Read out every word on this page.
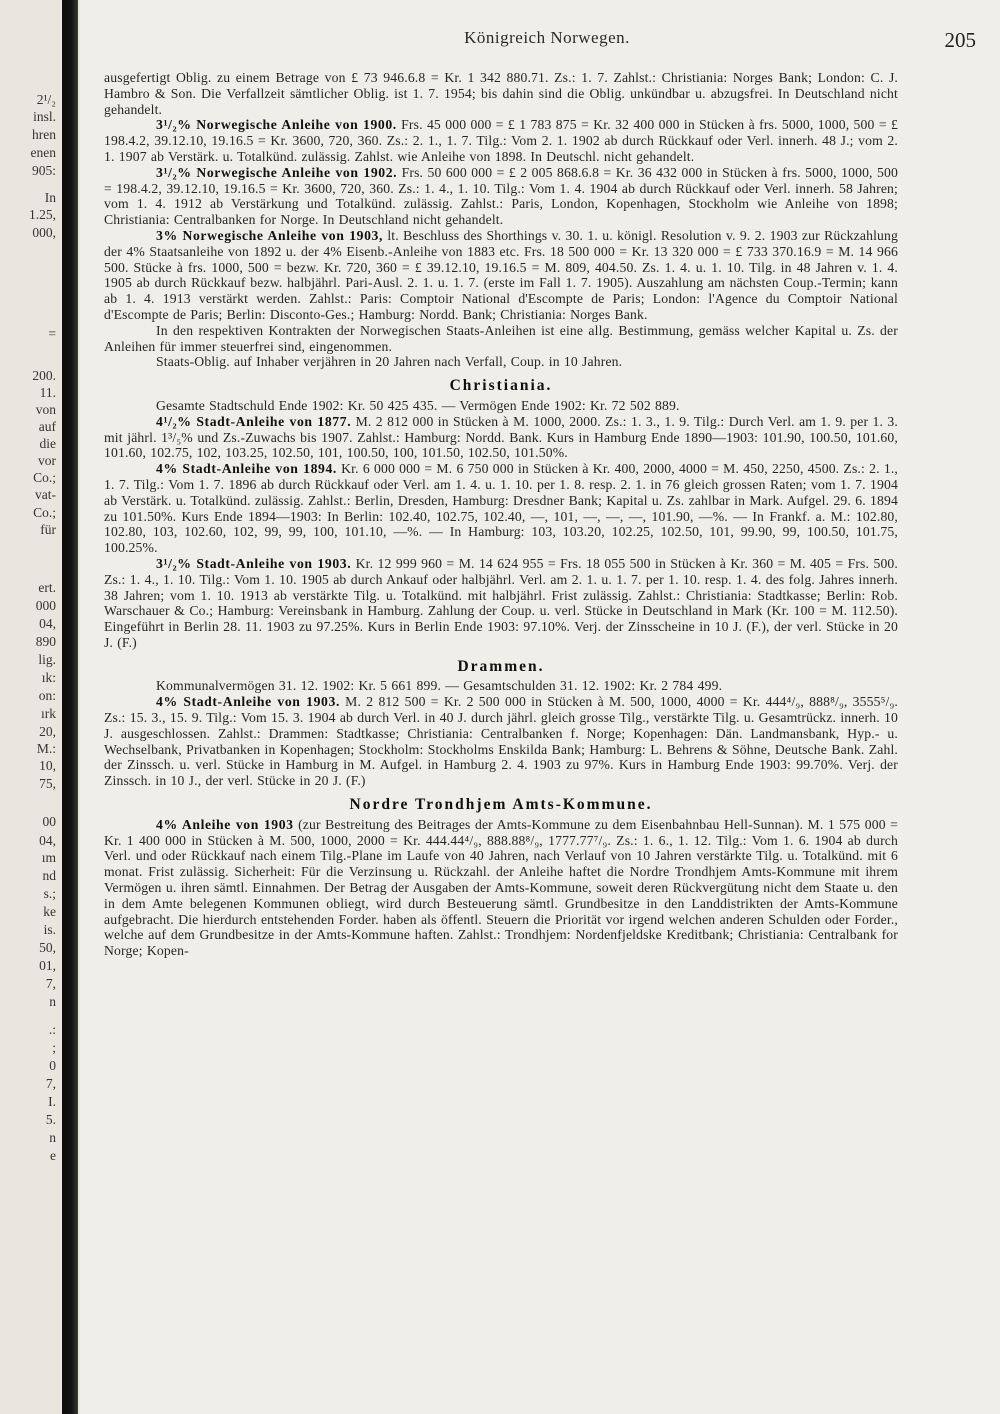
2¹/₂
insl.
hren
enen
905:
In
1.25,
000,
=
200.
11.
von
auf
die
vor
Co.;
vat-
Co.;
für
ert.
000
04,
890
lig.
ık:
on:
ırk
20,
M.:
10,
75,
00
04,
ım
nd
s.;
ke
is.
50,
01,
7,
n
.:
;
0
7,
I.
5.
n
e
Königreich Norwegen.	205

ausgefertigt Oblig. zu einem Betrage von £ 73 946.6.8 = Kr. 1 342 880.71. Zs.: 1. 7. Zahlst.: Christiania: Norges Bank; London: C. J. Hambro & Son. Die Verfallzeit sämtlicher Oblig. ist 1. 7. 1954; bis dahin sind die Oblig. unkündbar u. abzugsfrei. In Deutschland nicht gehandelt.

3¹/₂% Norwegische Anleihe von 1900. Frs. 45 000 000 = £ 1 783 875 = Kr. 32 400 000 in Stücken à frs. 5000, 1000, 500 = £ 198.4.2, 39.12.10, 19.16.5 = Kr. 3600, 720, 360. Zs.: 2. 1., 1. 7. Tilg.: Vom 2. 1. 1902 ab durch Rückkauf oder Verl. innerh. 48 J.; vom 2. 1. 1907 ab Verstärk. u. Totalkünd. zulässig. Zahlst. wie Anleihe von 1898. In Deutschl. nicht gehandelt.

3¹/₂% Norwegische Anleihe von 1902. Frs. 50 600 000 = £ 2 005 868.6.8 = Kr. 36 432 000 in Stücken à frs. 5000, 1000, 500 = 198.4.2, 39.12.10, 19.16.5 = Kr. 3600, 720, 360. Zs.: 1. 4., 1. 10. Tilg.: Vom 1. 4. 1904 ab durch Rückkauf oder Verl. innerh. 58 Jahren; vom 1. 4. 1912 ab Verstärkung und Totalkünd. zulässig. Zahlst.: Paris, London, Kopenhagen, Stockholm wie Anleihe von 1898; Christiania: Centralbanken for Norge. In Deutschland nicht gehandelt.

3% Norwegische Anleihe von 1903, lt. Beschluss des Shorthings v. 30. 1. u. königl. Resolution v. 9. 2. 1903 zur Rückzahlung der 4% Staatsanleihe von 1892 u. der 4% Eisenb.-Anleihe von 1883 etc. Frs. 18 500 000 = Kr. 13 320 000 = £ 733 370.16.9 = M. 14 966 500. Stücke à frs. 1000, 500 = bezw. Kr. 720, 360 = £ 39.12.10, 19.16.5 = M. 809, 404.50. Zs. 1. 4. u. 1. 10. Tilg. in 48 Jahren v. 1. 4. 1905 ab durch Rückkauf bezw. halbjährl. Pari-Ausl. 2. 1. u. 1. 7. (erste im Fall 1. 7. 1905). Auszahlung am nächsten Coup.-Termin; kann ab 1. 4. 1913 verstärkt werden. Zahlst.: Paris: Comptoir National d'Escompte de Paris; London: l'Agence du Comptoir National d'Escompte de Paris; Berlin: Disconto-Ges.; Hamburg: Nordd. Bank; Christiania: Norges Bank.

In den respektiven Kontrakten der Norwegischen Staats-Anleihen ist eine allg. Bestimmung, gemäss welcher Kapital u. Zs. der Anleihen für immer steuerfrei sind, eingenommen.

Staats-Oblig. auf Inhaber verjähren in 20 Jahren nach Verfall, Coup. in 10 Jahren.

Christiania.

Gesamte Stadtschuld Ende 1902: Kr. 50 425 435. — Vermögen Ende 1902: Kr. 72 502 889.

4¹/₂% Stadt-Anleihe von 1877. M. 2 812 000 in Stücken à M. 1000, 2000. Zs.: 1. 3., 1. 9. Tilg.: Durch Verl. am 1. 9. per 1. 3. mit jährl. 1³/₅% und Zs.-Zuwachs bis 1907. Zahlst.: Hamburg: Nordd. Bank. Kurs in Hamburg Ende 1890—1903: 101.90, 100.50, 101.60, 101.60, 102.75, 102, 103.25, 102.50, 101, 100.50, 100, 101.50, 102.50, 101.50%.

4% Stadt-Anleihe von 1894. Kr. 6 000 000 = M. 6 750 000 in Stücken à Kr. 400, 2000, 4000 = M. 450, 2250, 4500. Zs.: 2. 1., 1. 7. Tilg.: Vom 1. 7. 1896 ab durch Rückkauf oder Verl. am 1. 4. u. 1. 10. per 1. 8. resp. 2. 1. in 76 gleich grossen Raten; vom 1. 7. 1904 ab Verstärk. u. Totalkünd. zulässig. Zahlst.: Berlin, Dresden, Hamburg: Dresdner Bank; Kapital u. Zs. zahlbar in Mark. Aufgel. 29. 6. 1894 zu 101.50%. Kurs Ende 1894—1903: In Berlin: 102.40, 102.75, 102.40, —, 101, —, —, —, 101.90, —%. — In Frankf. a. M.: 102.80, 102.80, 103, 102.60, 102, 99, 99, 100, 101.10, —%. — In Hamburg: 103, 103.20, 102.25, 102.50, 101, 99.90, 99, 100.50, 101.75, 100.25%.

3¹/₂% Stadt-Anleihe von 1903. Kr. 12 999 960 = M. 14 624 955 = Frs. 18 055 500 in Stücken à Kr. 360 = M. 405 = Frs. 500. Zs.: 1. 4., 1. 10. Tilg.: Vom 1. 10. 1905 ab durch Ankauf oder halbjährl. Verl. am 2. 1. u. 1. 7. per 1. 10. resp. 1. 4. des folg. Jahres innerh. 38 Jahren; vom 1. 10. 1913 ab verstärkte Tilg. u. Totalkünd. mit halbjährl. Frist zulässig. Zahlst.: Christiania: Stadtkasse; Berlin: Rob. Warschauer & Co.; Hamburg: Vereinsbank in Hamburg. Zahlung der Coup. u. verl. Stücke in Deutschland in Mark (Kr. 100 = M. 112.50). Eingeführt in Berlin 28. 11. 1903 zu 97.25%. Kurs in Berlin Ende 1903: 97.10%. Verj. der Zinsscheine in 10 J. (F.), der verl. Stücke in 20 J. (F.)

Drammen.

Kommunalvermögen 31. 12. 1902: Kr. 5 661 899. — Gesamtschulden 31. 12. 1902: Kr. 2 784 499.

4% Stadt-Anleihe von 1903. M. 2 812 500 = Kr. 2 500 000 in Stücken à M. 500, 1000, 4000 = Kr. 444⁴/₉, 888⁸/₉, 3555⁵/₉. Zs.: 15. 3., 15. 9. Tilg.: Vom 15. 3. 1904 ab durch Verl. in 40 J. durch jährl. gleich grosse Tilg., verstärkte Tilg. u. Gesamtrückz. innerh. 10 J. ausgeschlossen. Zahlst.: Drammen: Stadtkasse; Christiania: Centralbanken f. Norge; Kopenhagen: Dän. Landmansbank, Hyp.- u. Wechselbank, Privatbanken in Kopenhagen; Stockholm: Stockholms Enskilda Bank; Hamburg: L. Behrens & Söhne, Deutsche Bank. Zahl. der Zinssch. u. verl. Stücke in Hamburg in M. Aufgel. in Hamburg 2. 4. 1903 zu 97%. Kurs in Hamburg Ende 1903: 99.70%. Verj. der Zinssch. in 10 J., der verl. Stücke in 20 J. (F.)

Nordre Trondhjem Amts-Kommune.

4% Anleihe von 1903 (zur Bestreitung des Beitrages der Amts-Kommune zu dem Eisenbahnbau Hell-Sunnan). M. 1 575 000 = Kr. 1 400 000 in Stücken à M. 500, 1000, 2000 = Kr. 444.44⁴/₉, 888.88⁸/₉, 1777.77⁷/₉. Zs.: 1. 6., 1. 12. Tilg.: Vom 1. 6. 1904 ab durch Verl. und oder Rückkauf nach einem Tilg.-Plane im Laufe von 40 Jahren, nach Verlauf von 10 Jahren verstärkte Tilg. u. Totalkünd. mit 6 monat. Frist zulässig. Sicherheit: Für die Verzinsung u. Rückzahl. der Anleihe haftet die Nordre Trondhjem Amts-Kommune mit ihrem Vermögen u. ihren sämtl. Einnahmen. Der Betrag der Ausgaben der Amts-Kommune, soweit deren Rückvergütung nicht dem Staate u. den in dem Amte belegenen Kommunen obliegt, wird durch Besteuerung sämtl. Grundbesitze in den Landdistrikten der Amts-Kommune aufgebracht. Die hierdurch entstehenden Forder. haben als öffentl. Steuern die Priorität vor irgend welchen anderen Schulden oder Forder., welche auf dem Grundbesitze in der Amts-Kommune haften. Zahlst.: Trondhjem: Nordenfjeldske Kreditbank; Christiania: Centralbank for Norge; Kopen-
